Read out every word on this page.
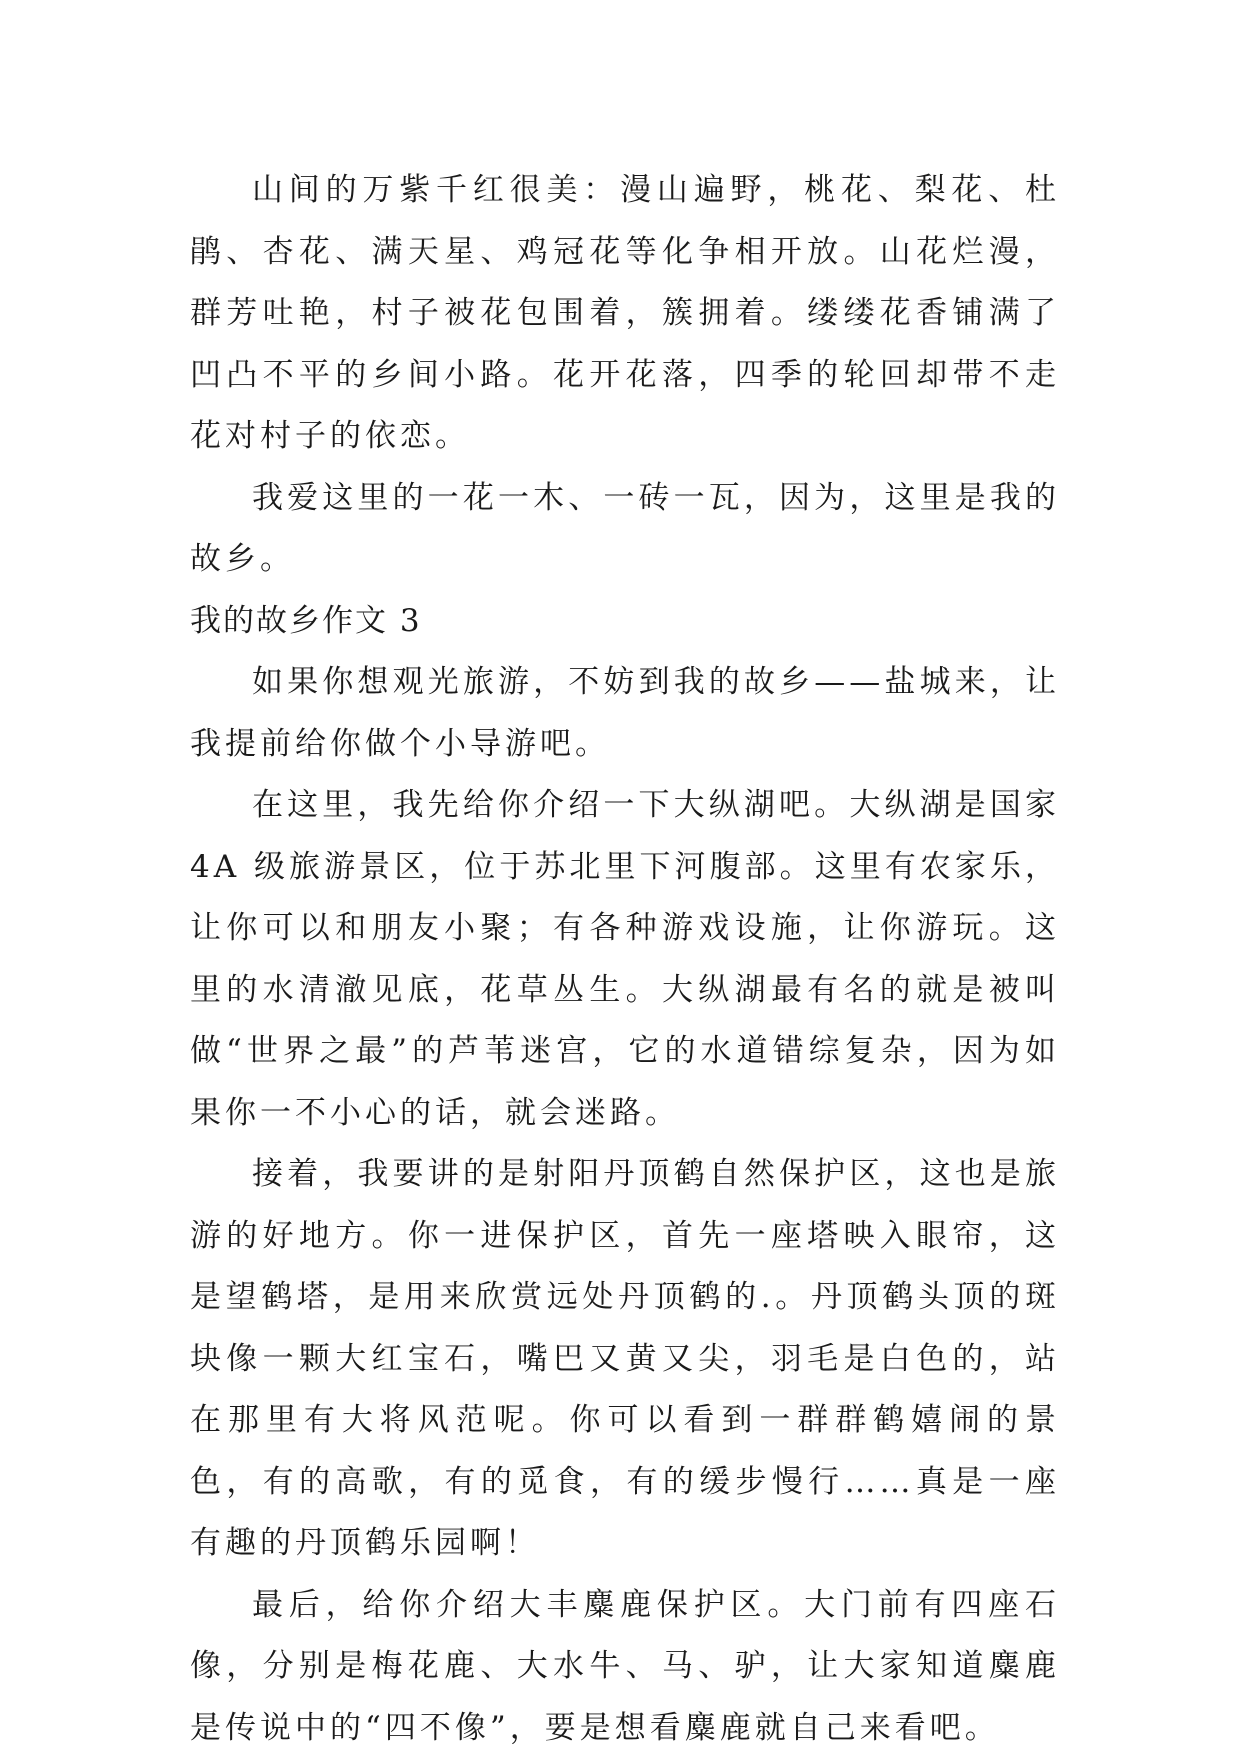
山间的万紫千红很美：漫山遍野，桃花、梨花、杜鹃、杏花、满天星、鸡冠花等化争相开放。山花烂漫，群芳吐艳，村子被花包围着，簇拥着。缕缕花香铺满了凹凸不平的乡间小路。花开花落，四季的轮回却带不走花对村子的依恋。

我爱这里的一花一木、一砖一瓦，因为，这里是我的故乡。

我的故乡作文 3

如果你想观光旅游，不妨到我的故乡——盐城来，让我提前给你做个小导游吧。

在这里，我先给你介绍一下大纵湖吧。大纵湖是国家 4A 级旅游景区，位于苏北里下河腹部。这里有农家乐，让你可以和朋友小聚；有各种游戏设施，让你游玩。这里的水清澈见底，花草丛生。大纵湖最有名的就是被叫做“世界之最”的芦苇迷宫，它的水道错综复杂，因为如果你一不小心的话，就会迷路。

接着，我要讲的是射阳丹顶鹤自然保护区，这也是旅游的好地方。你一进保护区，首先一座塔映入眼帘，这是望鹤塔，是用来欣赏远处丹顶鹤的.。丹顶鹤头顶的斑块像一颗大红宝石，嘴巴又黄又尖，羽毛是白色的，站在那里有大将风范呢。你可以看到一群群鹤嬉闹的景色，有的高歌，有的觅食，有的缓步慢行……真是一座有趣的丹顶鹤乐园啊！

最后，给你介绍大丰麋鹿保护区。大门前有四座石像，分别是梅花鹿、大水牛、马、驴，让大家知道麋鹿是传说中的“四不像”，要是想看麋鹿就自己来看吧。
